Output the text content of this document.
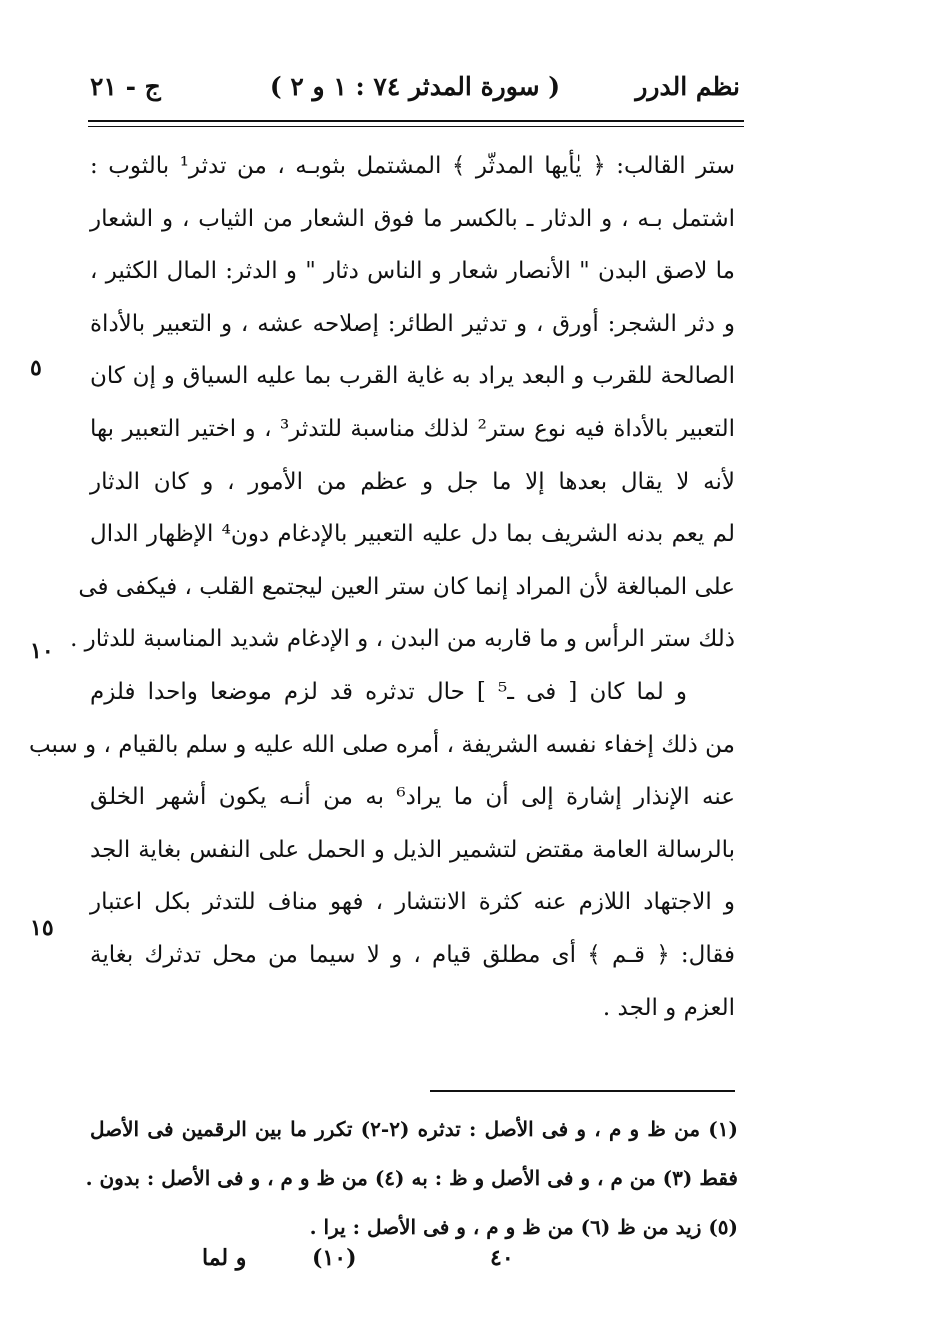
نظم الدرر
( سورة المدثر ٧٤ : ١ و ٢ )
ج - ٢١
ستر القالب: ﴿ يٰأيها المدثّر ﴾ المشتمل بثوبـه ، من تدثر¹ بالثوب :
اشتمل بـه ، و الدثار ـ بالكسر ما فوق الشعار من الثياب ، و الشعار
ما لاصق البدن " الأنصار شعار و الناس دثار " و الدثر: المال الكثير ،
و دثر الشجر: أورق ، و تدثير الطائر: إصلاحه عشه ، و التعبير بالأداة
الصالحة للقرب و البعد يراد به غاية القرب بما عليه السياق و إن كان
التعبير بالأداة فيه نوع ستر² لذلك مناسبة للتدثر³ ، و اختير التعبير بها
لأنه لا يقال بعدها إلا ما جل و عظم من الأمور ، و كان الدثار
لم يعم بدنه الشريف بما دل عليه التعبير بالإدغام دون⁴ الإظهار الدال
على المبالغة لأن المراد إنما كان ستر العين ليجتمع القلب ، فيكفى فى
ذلك ستر الرأس و ما قاربه من البدن ، و الإدغام شديد المناسبة للدثار .
و لما كان [ فى ـ⁵ ] حال تدثره قد لزم موضعا واحدا فلزم
من ذلك إخفاء نفسه الشريفة ، أمره صلى الله عليه و سلم بالقيام ، و سبب
عنه الإنذار إشارة إلى أن ما يراد⁶ به من أنـه يكون أشهر الخلق
بالرسالة العامة مقتض لتشمير الذيل و الحمل على النفس بغاية الجد
و الاجتهاد اللازم عنه كثرة الانتشار ، فهو مناف للتدثر بكل اعتبار
فقال: ﴿ قـم ﴾ أى مطلق قيام ، و لا سيما من محل تدثرك بغاية
العزم و الجد .
٥
١٠
١٥
(١) من ظ و م ، و فى الأصل : تدثره (٢-٢) تكرر ما بين الرقمين فى الأصل
فقط (٣) من م ، و فى الأصل و ظ : به (٤) من ظ و م ، و فى الأصل : بدون .
(٥) زيد من ظ (٦) من ظ و م ، و فى الأصل : يرا .
٤٠
(١٠)
و لما
